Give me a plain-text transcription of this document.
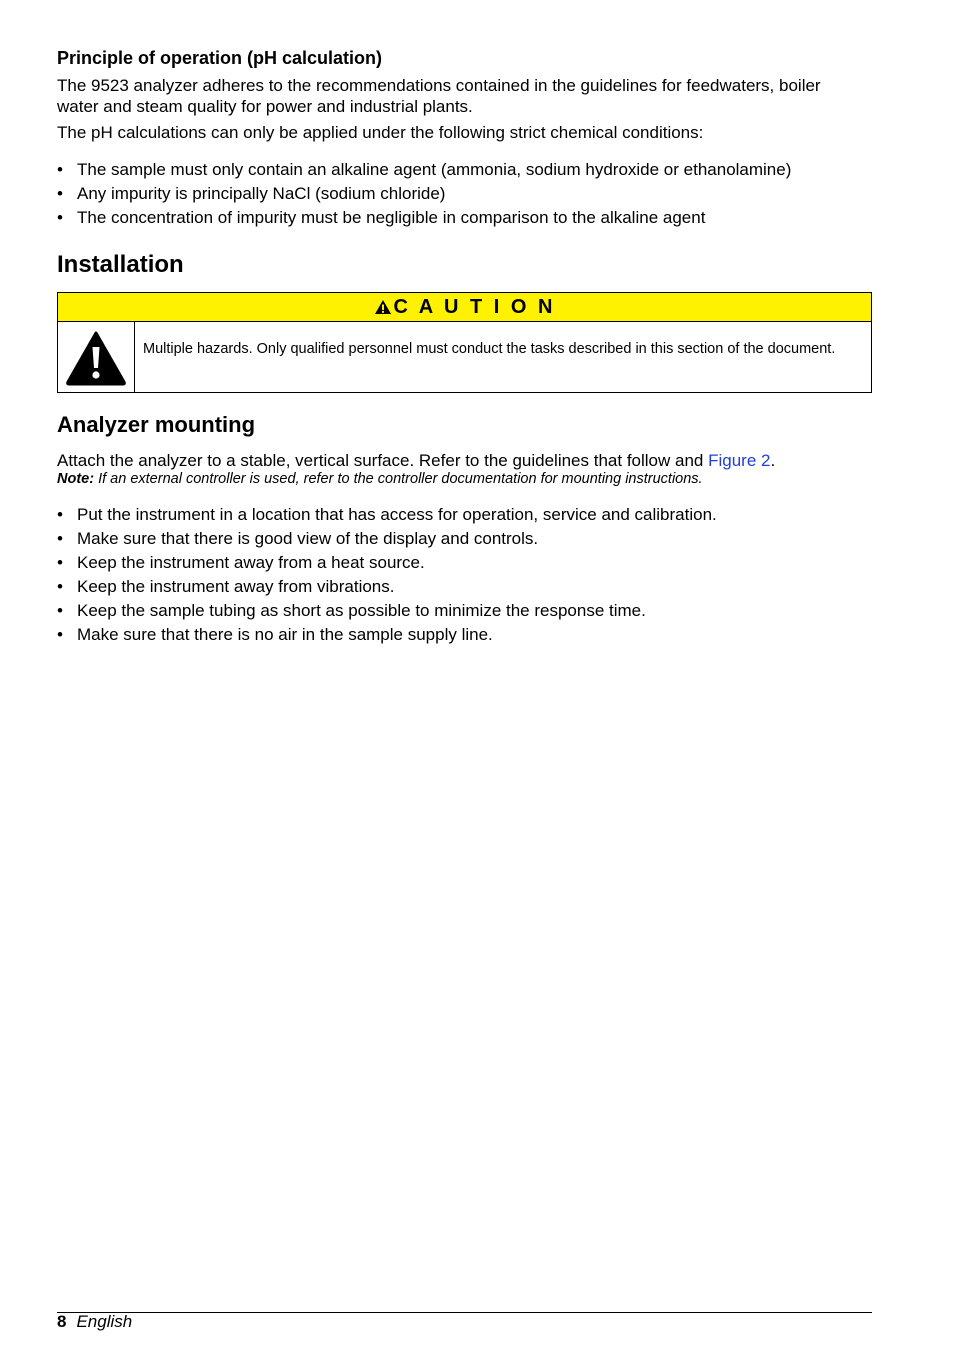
Principle of operation (pH calculation)

The 9523 analyzer adheres to the recommendations contained in the guidelines for feedwaters, boiler water and steam quality for power and industrial plants.

The pH calculations can only be applied under the following strict chemical conditions:

• The sample must only contain an alkaline agent (ammonia, sodium hydroxide or ethanolamine)
• Any impurity is principally NaCl (sodium chloride)
• The concentration of impurity must be negligible in comparison to the alkaline agent
Installation
C A U T I O N
Multiple hazards. Only qualified personnel must conduct the tasks described in this section of the document.
Analyzer mounting

Attach the analyzer to a stable, vertical surface. Refer to the guidelines that follow and Figure 2.

Note: If an external controller is used, refer to the controller documentation for mounting instructions.
• Put the instrument in a location that has access for operation, service and calibration.
• Make sure that there is good view of the display and controls.
• Keep the instrument away from a heat source.
• Keep the instrument away from vibrations.
• Keep the sample tubing as short as possible to minimize the response time.
• Make sure that there is no air in the sample supply line.
8 English
